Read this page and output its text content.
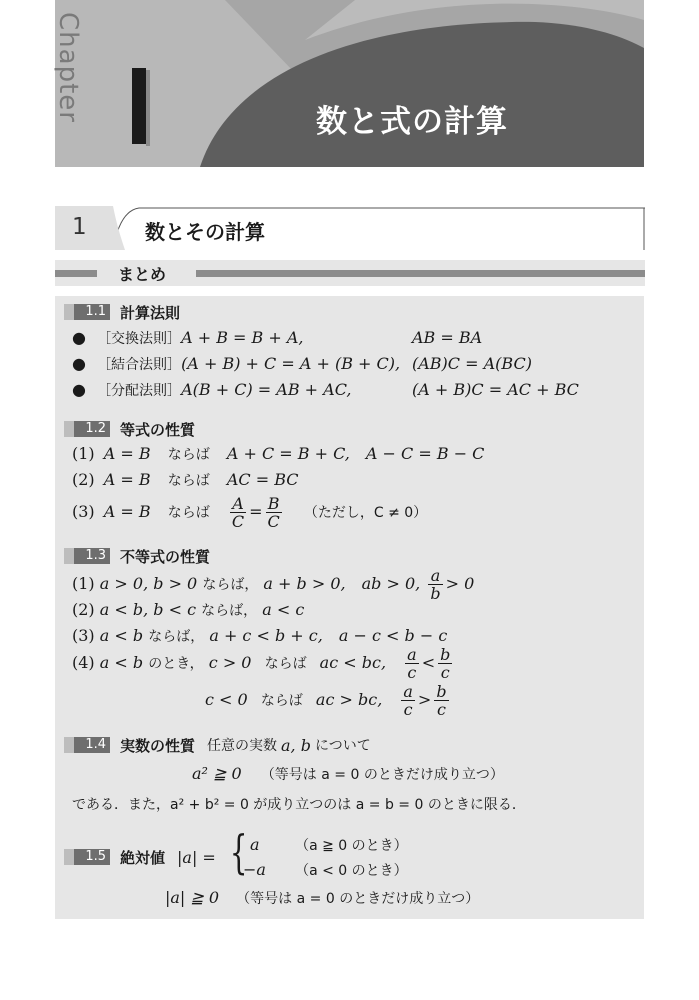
Chapter	数と式の計算
1	数とその計算
まとめ
1.1 計算法則
● ［交換法則］A + B = B + A,	AB = BA
● ［結合法則］(A + B) + C = A + (B + C), (AB)C = A(BC)
● ［分配法則］A(B + C) = AB + AC,	(A + B)C = AC + BC
1.2 等式の性質
(1) A = B ならば A + C = B + C,　A − C = B − C
(2) A = B ならば AC = BC
(3) A = B ならば $\frac{A}{C} = \frac{B}{C}$ （ただし，C ≠ 0）
1.3 不等式の性質
(1) a > 0, b > 0 ならば， a + b > 0,　ab > 0, $\frac{a}{b} > 0$
(2) a < b, b < c ならば， a < c
(3) a < b ならば， a + c < b + c,　a − c < b − c
(4) a < b のとき， c > 0 ならば ac < bc, $\frac{a}{c} < \frac{b}{c}$
c < 0 ならば ac > bc, $\frac{a}{c} > \frac{b}{c}$
1.4 実数の性質 任意の実数 a, b について
a² ≧ 0 （等号は a = 0 のときだけ成り立つ）
である．また，a² + b² = 0 が成り立つのは a = b = 0 のときに限る．
1.5 絶対値 |a| = { a	（a ≧ 0 のとき）
−a （a < 0 のとき）
|a| ≧ 0 （等号は a = 0 のときだけ成り立つ）
